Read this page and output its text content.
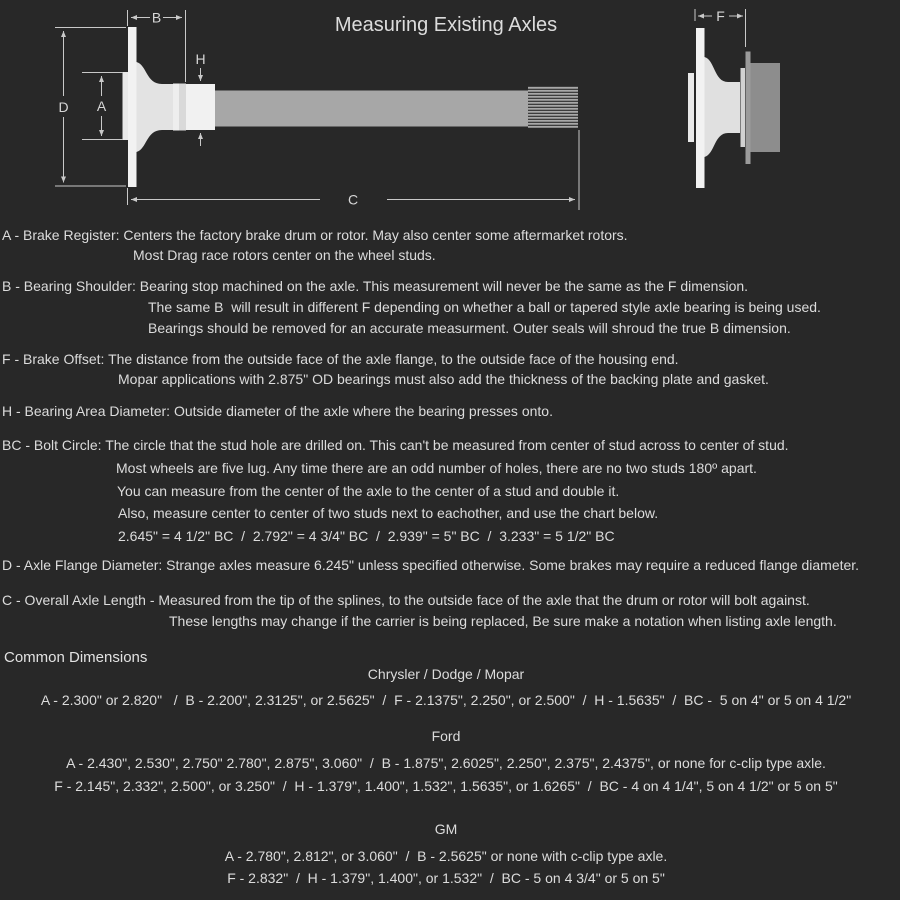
B
H
D A
C
F
Measuring Existing Axles
A - Brake Register: Centers the factory brake drum or rotor. May also center some aftermarket rotors.
Most Drag race rotors center on the wheel studs.
B - Bearing Shoulder: Bearing stop machined on the axle. This measurement will never be the same as the F dimension.
The same B  will result in different F depending on whether a ball or tapered style axle bearing is being used.
Bearings should be removed for an accurate measurment. Outer seals will shroud the true B dimension.
F - Brake Offset: The distance from the outside face of the axle flange, to the outside face of the housing end.
Mopar applications with 2.875" OD bearings must also add the thickness of the backing plate and gasket.
H - Bearing Area Diameter: Outside diameter of the axle where the bearing presses onto.
BC - Bolt Circle: The circle that the stud hole are drilled on. This can't be measured from center of stud across to center of stud.
Most wheels are five lug. Any time there are an odd number of holes, there are no two studs 180º apart.
You can measure from the center of the axle to the center of a stud and double it.
Also, measure center to center of two studs next to eachother, and use the chart below.
2.645" = 4 1/2" BC  /  2.792" = 4 3/4" BC  /  2.939" = 5" BC  /  3.233" = 5 1/2" BC
D - Axle Flange Diameter: Strange axles measure 6.245" unless specified otherwise. Some brakes may require a reduced flange diameter.
C - Overall Axle Length - Measured from the tip of the splines, to the outside face of the axle that the drum or rotor will bolt against.
These lengths may change if the carrier is being replaced, Be sure make a notation when listing axle length.
Common Dimensions
Chrysler / Dodge / Mopar
A - 2.300" or 2.820"   /  B - 2.200", 2.3125", or 2.5625"  /  F - 2.1375", 2.250", or 2.500"  /  H - 1.5635"  /  BC -  5 on 4" or 5 on 4 1/2"
Ford
A - 2.430", 2.530", 2.750" 2.780", 2.875", 3.060"  /  B - 1.875", 2.6025", 2.250", 2.375", 2.4375", or none for c-clip type axle.
F - 2.145", 2.332", 2.500", or 3.250"  /  H - 1.379", 1.400", 1.532", 1.5635", or 1.6265"  /  BC - 4 on 4 1/4", 5 on 4 1/2" or 5 on 5"
GM
A - 2.780", 2.812", or 3.060"  /  B - 2.5625" or none with c-clip type axle.
F - 2.832"  /  H - 1.379", 1.400", or 1.532"  /  BC - 5 on 4 3/4" or 5 on 5"
